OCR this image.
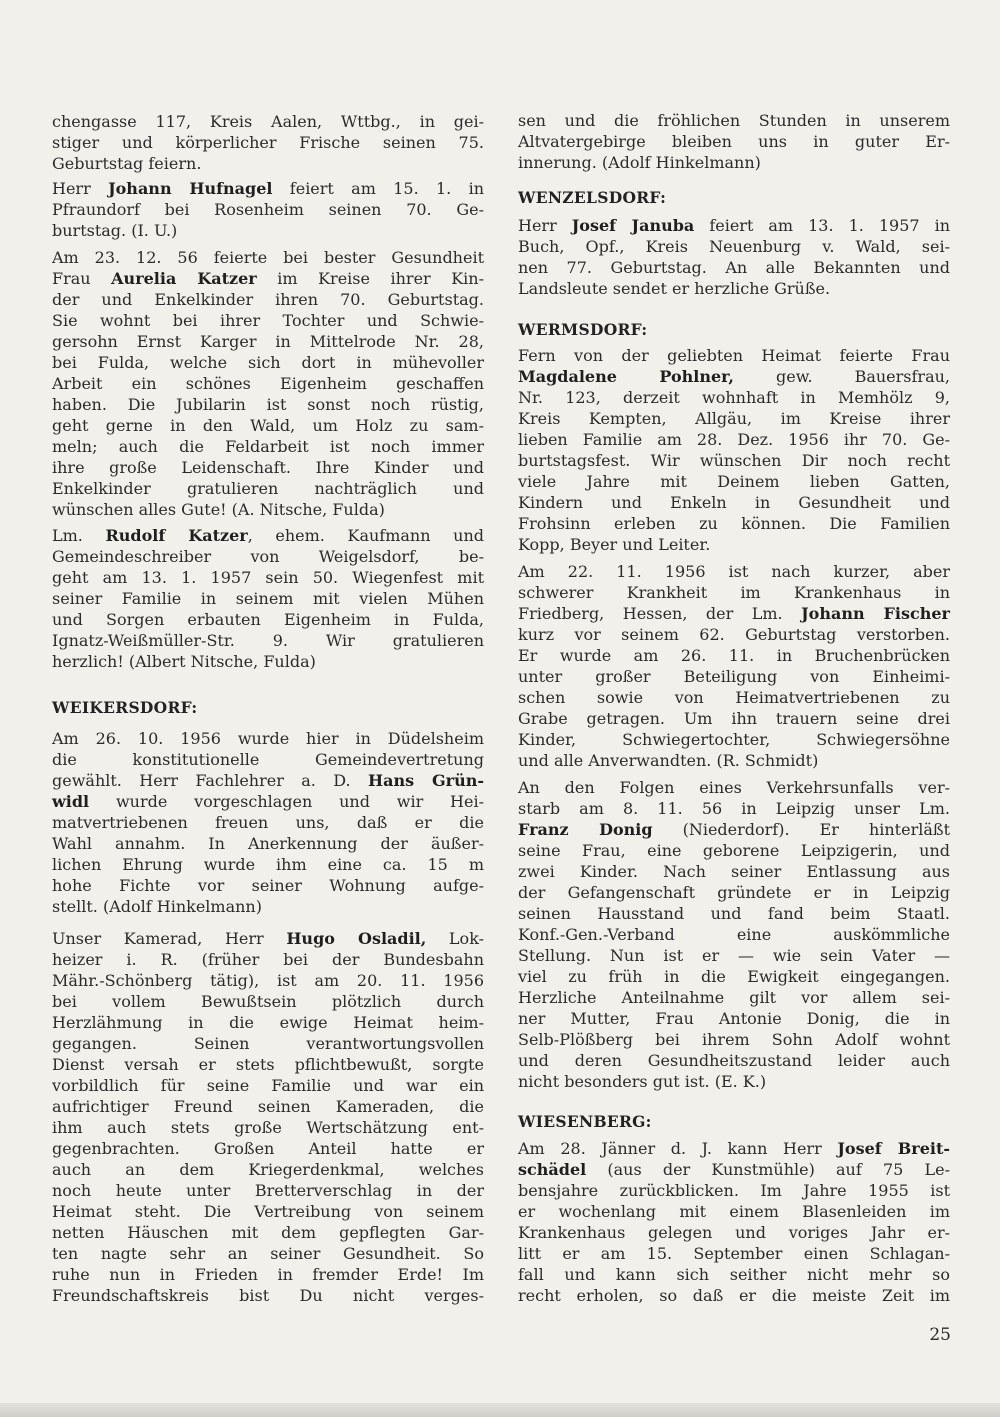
chengasse 117, Kreis Aalen, Wttbg., in gei-
stiger und körperlicher Frische seinen 75.
Geburtstag feiern.
Herr Johann Hufnagel feiert am 15. 1. in
Pfraundorf bei Rosenheim seinen 70. Ge-
burtstag. (I. U.)
Am 23. 12. 56 feierte bei bester Gesundheit
Frau Aurelia Katzer im Kreise ihrer Kin-
der und Enkelkinder ihren 70. Geburtstag.
Sie wohnt bei ihrer Tochter und Schwie-
gersohn Ernst Karger in Mittelrode Nr. 28,
bei Fulda, welche sich dort in mühevoller
Arbeit ein schönes Eigenheim geschaffen
haben. Die Jubilarin ist sonst noch rüstig,
geht gerne in den Wald, um Holz zu sam-
meln; auch die Feldarbeit ist noch immer
ihre große Leidenschaft. Ihre Kinder und
Enkelkinder gratulieren nachträglich und
wünschen alles Gute! (A. Nitsche, Fulda)
Lm. Rudolf Katzer, ehem. Kaufmann und
Gemeindeschreiber von Weigelsdorf, be-
geht am 13. 1. 1957 sein 50. Wiegenfest mit
seiner Familie in seinem mit vielen Mühen
und Sorgen erbauten Eigenheim in Fulda,
Ignatz-Weißmüller-Str. 9. Wir gratulieren
herzlich! (Albert Nitsche, Fulda)
WEIKERSDORF:
Am 26. 10. 1956 wurde hier in Düdelsheim
die konstitutionelle Gemeindevertretung
gewählt. Herr Fachlehrer a. D. Hans Grün-
widl wurde vorgeschlagen und wir Hei-
matvertriebenen freuen uns, daß er die
Wahl annahm. In Anerkennung der äußer-
lichen Ehrung wurde ihm eine ca. 15 m
hohe Fichte vor seiner Wohnung aufge-
stellt. (Adolf Hinkelmann)
Unser Kamerad, Herr Hugo Osladil, Lok-
heizer i. R. (früher bei der Bundesbahn
Mähr.-Schönberg tätig), ist am 20. 11. 1956
bei vollem Bewußtsein plötzlich durch
Herzlähmung in die ewige Heimat heim-
gegangen. Seinen verantwortungsvollen
Dienst versah er stets pflichtbewußt, sorgte
vorbildlich für seine Familie und war ein
aufrichtiger Freund seinen Kameraden, die
ihm auch stets große Wertschätzung ent-
gegenbrachten. Großen Anteil hatte er
auch an dem Kriegerdenkmal, welches
noch heute unter Bretterverschlag in der
Heimat steht. Die Vertreibung von seinem
netten Häuschen mit dem gepflegten Gar-
ten nagte sehr an seiner Gesundheit. So
ruhe nun in Frieden in fremder Erde! Im
Freundschaftskreis bist Du nicht verges-
sen und die fröhlichen Stunden in unserem
Altvatergebirge bleiben uns in guter Er-
innerung. (Adolf Hinkelmann)
WENZELSDORF:
Herr Josef Januba feiert am 13. 1. 1957 in
Buch, Opf., Kreis Neuenburg v. Wald, sei-
nen 77. Geburtstag. An alle Bekannten und
Landsleute sendet er herzliche Grüße.
WERMSDORF:
Fern von der geliebten Heimat feierte Frau
Magdalene Pohlner, gew. Bauersfrau,
Nr. 123, derzeit wohnhaft in Memhölz 9,
Kreis Kempten, Allgäu, im Kreise ihrer
lieben Familie am 28. Dez. 1956 ihr 70. Ge-
burtstagsfest. Wir wünschen Dir noch recht
viele Jahre mit Deinem lieben Gatten,
Kindern und Enkeln in Gesundheit und
Frohsinn erleben zu können. Die Familien
Kopp, Beyer und Leiter.
Am 22. 11. 1956 ist nach kurzer, aber
schwerer Krankheit im Krankenhaus in
Friedberg, Hessen, der Lm. Johann Fischer
kurz vor seinem 62. Geburtstag verstorben.
Er wurde am 26. 11. in Bruchenbrücken
unter großer Beteiligung von Einheimi-
schen sowie von Heimatvertriebenen zu
Grabe getragen. Um ihn trauern seine drei
Kinder, Schwiegertochter, Schwiegersöhne
und alle Anverwandten. (R. Schmidt)
An den Folgen eines Verkehrsunfalls ver-
starb am 8. 11. 56 in Leipzig unser Lm.
Franz Donig (Niederdorf). Er hinterläßt
seine Frau, eine geborene Leipzigerin, und
zwei Kinder. Nach seiner Entlassung aus
der Gefangenschaft gründete er in Leipzig
seinen Hausstand und fand beim Staatl.
Konf.-Gen.-Verband eine auskömmliche
Stellung. Nun ist er — wie sein Vater —
viel zu früh in die Ewigkeit eingegangen.
Herzliche Anteilnahme gilt vor allem sei-
ner Mutter, Frau Antonie Donig, die in
Selb-Plößberg bei ihrem Sohn Adolf wohnt
und deren Gesundheitszustand leider auch
nicht besonders gut ist. (E. K.)
WIESENBERG:
Am 28. Jänner d. J. kann Herr Josef Breit-
schädel (aus der Kunstmühle) auf 75 Le-
bensjahre zurückblicken. Im Jahre 1955 ist
er wochenlang mit einem Blasenleiden im
Krankenhaus gelegen und voriges Jahr er-
litt er am 15. September einen Schlagan-
fall und kann sich seither nicht mehr so
recht erholen, so daß er die meiste Zeit im
25
